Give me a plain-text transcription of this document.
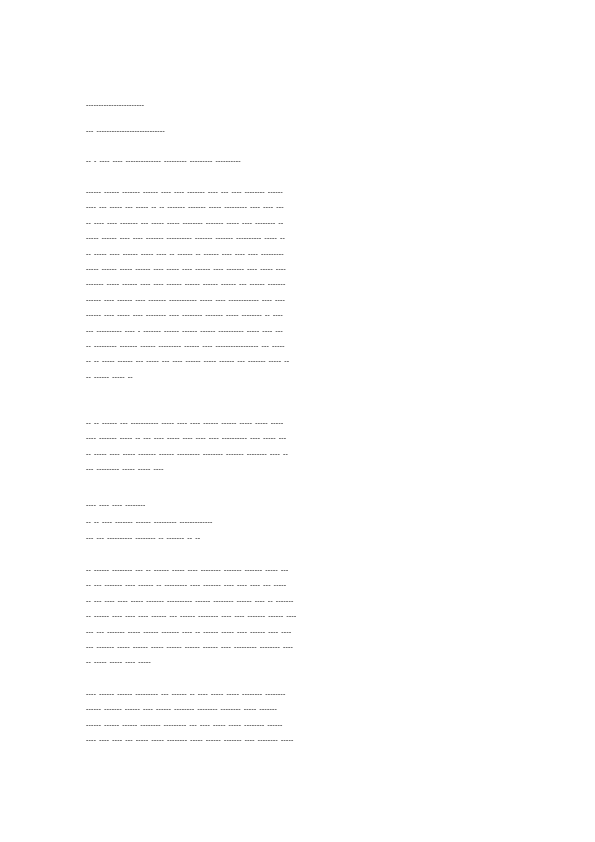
-----------------------
--- ---------------------------
-- - ---- ---- -------------- --------- --------- ----------
------ ------ ------- ------ ---- ---- ------- ---- --- ---- -------- ------
---- --- ----- --- ----- -- -- ------- ------- ----- --------- ---- ---- ---
-- ---- ---- ------- --- ----- ----- -------- ------- ----- ---- -------- --
----- ------ ---- ---- ------- ---------- ------- ------- ---------- ----- --
-- ----- ---- ------ ----- ---- -- ------ -- ------ ---- ---- ---- ---------
----- ------ ----- ------ ---- ----- ---- ------ ---- ------- ---- ----- ----
------- ----- ------ ---- ---- ------ ------ ------ ------ --- ------ -------
------ ---- ------ ---- ------- ----------- ----- ---- ------------ ---- ----
------ ---- ----- ---- -------- ---- -------- ------- ----- -------- -- ----
--- ---------- ---- - ------- ------ ------ ------ ---------- ----- ---- ---
-- --------- ------- ------ --------- ------ ---- ----------------- --- -----
-- -- ----- ------ --- ----- --- ---- ------ ----- ------ --- ------- ----- --
-- ------ ----- --
-- -- ------ --- ----------- ----- ---- ---- ------ ------ ----- ----- -----
---- ------- ----- -- --- ---- ----- ---- ---- ---- ---------- ---- ----- ---
-- ----- ---- ----- ------- ------ --------- -------- ------- -------- ---- --
--- --------- ----- ----- ----
---- ---- ---- --------
-- -- ---- ------- ------ --------- -------------
--- --- ---------- -------- -- ------- -- --
-- ------ -------- --- -- ------ ----- ---- -------- ------- ------- ----- ---
-- --- ------- ---- ------ -- --------- ---- ------- ---- ---- ---- --- -----
-- --- ---- ---- ----- ------- ---------- ------ -------- ------ ---- -- -------
-- ------ ---- ---- ---- ------ --- ------ -------- ---- ---- ------- ------ ----
--- --- ------- ----- ------ ------- ---- -- ------ ----- ---- ------ ---- ----
--- ------- ----- ------ ----- ------ ------ ------ ---- --------- -------- ----
-- ----- ----- ---- -----
---- ------ ------ --------- --- ------ -- ---- ----- ----- -------- --------
------ ------- ------ ---- ------ -------- -------- -------- ----- -------
------ ------ ------ -------- --------- --- ---- ----- ----- -------- ------
---- ---- ---- --- ----- ----- -------- ----- ------ ------- ---- -------- -----
